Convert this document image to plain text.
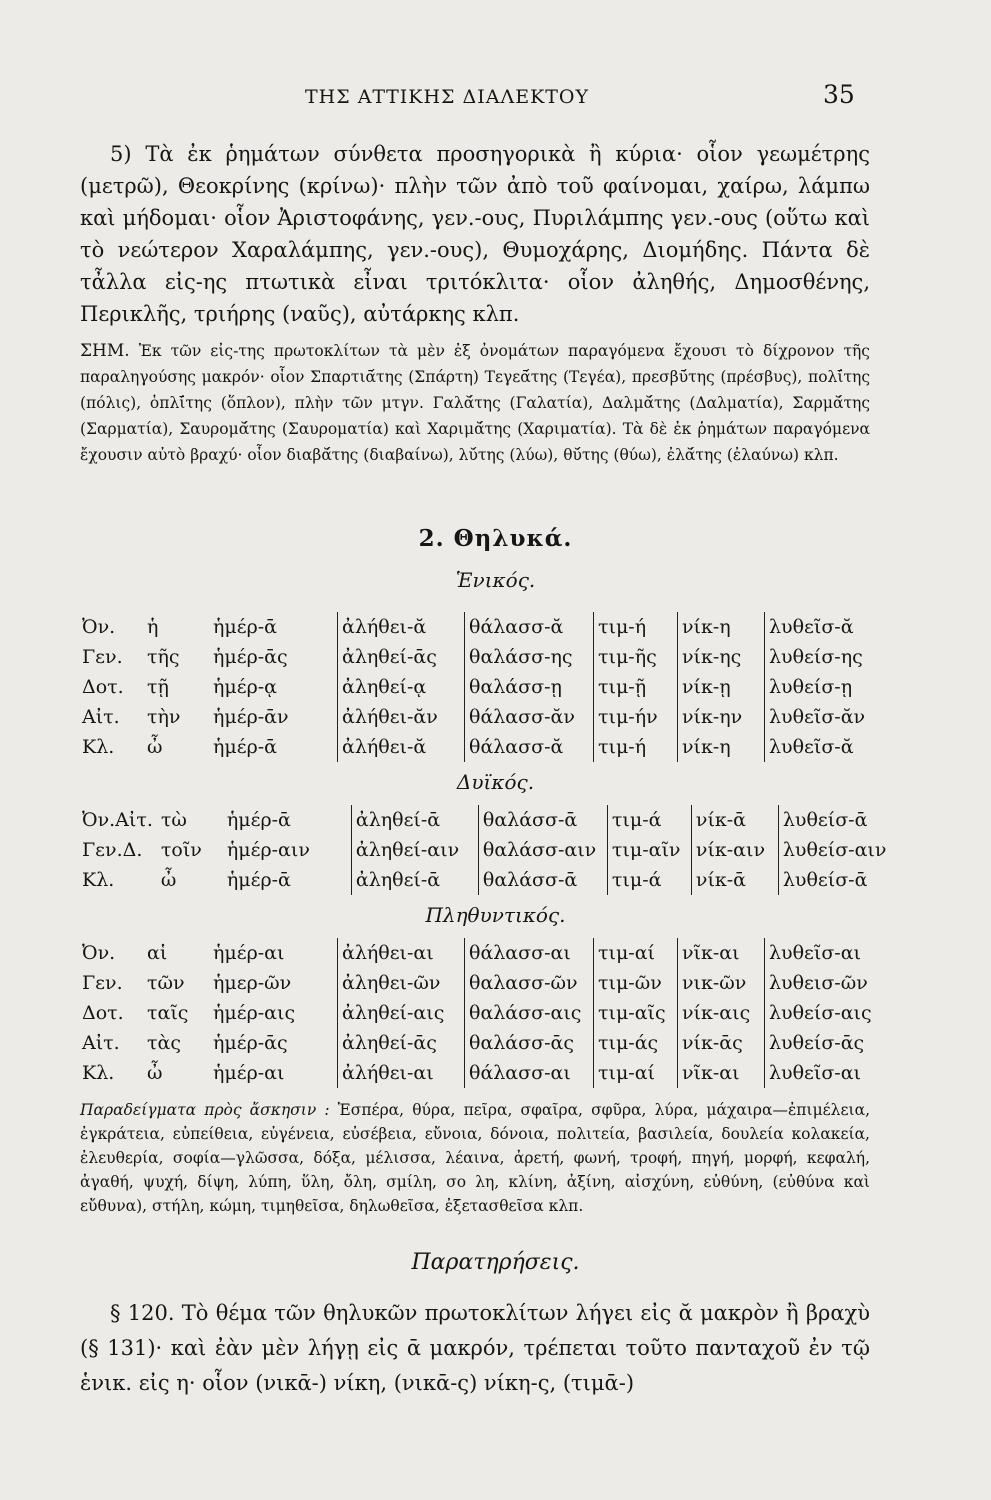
ΤΗΣ ΑΤΤΙΚΗΣ ΔΙΑΛΕΚΤΟΥ	35

5) Τὰ ἐκ ῥημάτων σύνθετα προσηγορικὰ ἢ κύρια· οἷον γεωμέτρης (μετρῶ), Θεοκρίνης (κρίνω)· πλὴν τῶν ἀπὸ τοῦ φαίνομαι, χαίρω, λάμπω καὶ μήδομαι· οἷον Ἀριστοφάνης, γεν.-ους, Πυριλάμπης γεν.-ους (οὕτω καὶ τὸ νεώτερον Χαραλάμπης, γεν.-ους), Θυμοχάρης, Διομήδης. Πάντα δὲ τἆλλα εἰς-ης πτωτικὰ εἶναι τριτόκλιτα· οἷον ἀληθής, Δημοσθένης, Περικλῆς, τριήρης (ναῦς), αὐτάρκης κλπ.

ΣΗΜ. Ἐκ τῶν εἰς-της πρωτοκλίτων τὰ μὲν ἐξ ὀνομάτων παραγόμενα ἔχουσι τὸ δίχρονον τῆς παραληγούσης μακρόν· οἷον Σπαρτιᾱ́της (Σπάρτη) Τεγεᾱ́της (Τεγέα), πρεσβῡ́της (πρέσβυς), πολῑ́της (πόλις), ὁπλῑ́της (ὅπλον), πλὴν τῶν μτγν. Γαλᾰ́της (Γαλατία), Δαλμᾰ́της (Δαλματία), Σαρμᾰ́της (Σαρματία), Σαυρομᾰ́της (Σαυροματία) καὶ Χαριμᾰ́της (Χαριματία). Τὰ δὲ ἐκ ῥημάτων παραγόμενα ἔχουσιν αὐτὸ βραχύ· οἷον διαβᾰ́της (διαβαίνω), λῠ́της (λύω), θῠ́της (θύω), ἐλᾰ́της (ἐλαύνω) κλπ.

2. Θηλυκά.
Ἑνικός.
Ὀν.	ἡ	ἡμέρ-ᾱ	ἀλήθει-ᾰ	θάλασσ-ᾰ	τιμ-ή	νίκ-η	λυθεῖσ-ᾰ
Γεν.	τῆς	ἡμέρ-ᾱς	ἀληθεί-ᾱς	θαλάσσ-ης	τιμ-ῆς	νίκ-ης	λυθείσ-ης
Δοτ.	τῇ	ἡμέρ-ᾳ	ἀληθεί-ᾳ	θαλάσσ-ῃ	τιμ-ῇ	νίκ-ῃ	λυθείσ-ῃ
Αἰτ.	τὴν	ἡμέρ-ᾱν	ἀλήθει-ᾰν	θάλασσ-ᾰν	τιμ-ήν	νίκ-ην	λυθεῖσ-ᾰν
Κλ.	ὦ	ἡμέρ-ᾱ	ἀλήθει-ᾰ	θάλασσ-ᾰ	τιμ-ή	νίκ-η	λυθεῖσ-ᾰ
Δυϊκός.
Ὀν.Αἰτ.	τὼ	ἡμέρ-ᾱ	ἀληθεί-ᾱ	θαλάσσ-ᾱ	τιμ-ά	νίκ-ᾱ	λυθείσ-ᾱ
Γεν.Δ.	τοῖν	ἡμέρ-αιν	ἀληθεί-αιν	θαλάσσ-αιν	τιμ-αῖν	νίκ-αιν	λυθείσ-αιν
Κλ.	ὦ	ἡμέρ-ᾱ	ἀληθεί-ᾱ	θαλάσσ-ᾱ	τιμ-ά	νίκ-ᾱ	λυθείσ-ᾱ
Πληθυντικός.
Ὀν.	αἱ	ἡμέρ-αι	ἀλήθει-αι	θάλασσ-αι	τιμ-αί	νῖκ-αι	λυθεῖσ-αι
Γεν.	τῶν	ἡμερ-ῶν	ἀληθει-ῶν	θαλασσ-ῶν	τιμ-ῶν	νικ-ῶν	λυθεισ-ῶν
Δοτ.	ταῖς	ἡμέρ-αις	ἀληθεί-αις	θαλάσσ-αις	τιμ-αῖς	νίκ-αις	λυθείσ-αις
Αἰτ.	τὰς	ἡμέρ-ᾱς	ἀληθεί-ᾱς	θαλάσσ-ᾱς	τιμ-άς	νίκ-ᾱς	λυθείσ-ᾱς
Κλ.	ὦ	ἡμέρ-αι	ἀλήθει-αι	θάλασσ-αι	τιμ-αί	νῖκ-αι	λυθεῖσ-αι

Παραδείγματα πρὸς ἄσκησιν : Ἑσπέρα, θύρα, πεῖρα, σφαῖρα, σφῦρα, λύρα, μάχαιρα—ἐπιμέλεια, ἐγκράτεια, εὐπείθεια, εὐγένεια, εὐσέβεια, εὔνοια, δόνοια, πολιτεία, βασιλεία, δουλεία κολακεία, ἐλευθερία, σοφία—γλῶσσα, δόξα, μέλισσα, λέαινα, ἀρετή, φωνή, τροφή, πηγή, μορφή, κεφαλή, ἀγαθή, ψυχή, δίψη, λύπη, ὕλη, ὄλη, σμίλη, σο λη, κλίνη, ἀξίνη, αἰσχύνη, εὐθύνη, (εὐθύνα καὶ εὔθυνα), στήλη, κώμη, τιμηθεῖσα, δηλωθεῖσα, ἐξετασθεῖσα κλπ.

Παρατηρήσεις.

§ 120. Τὸ θέμα τῶν θηλυκῶν πρωτοκλίτων λήγει εἰς ᾰ μακρὸν ἢ βραχὺ (§ 131)· καὶ ἐὰν μὲν λήγῃ εἰς ᾱ μακρόν, τρέπεται τοῦτο πανταχοῦ ἐν τῷ ἑνικ. εἰς η· οἷον (νικᾱ-) νίκη, (νικᾱ-ς) νίκη-ς, (τιμᾱ-)
